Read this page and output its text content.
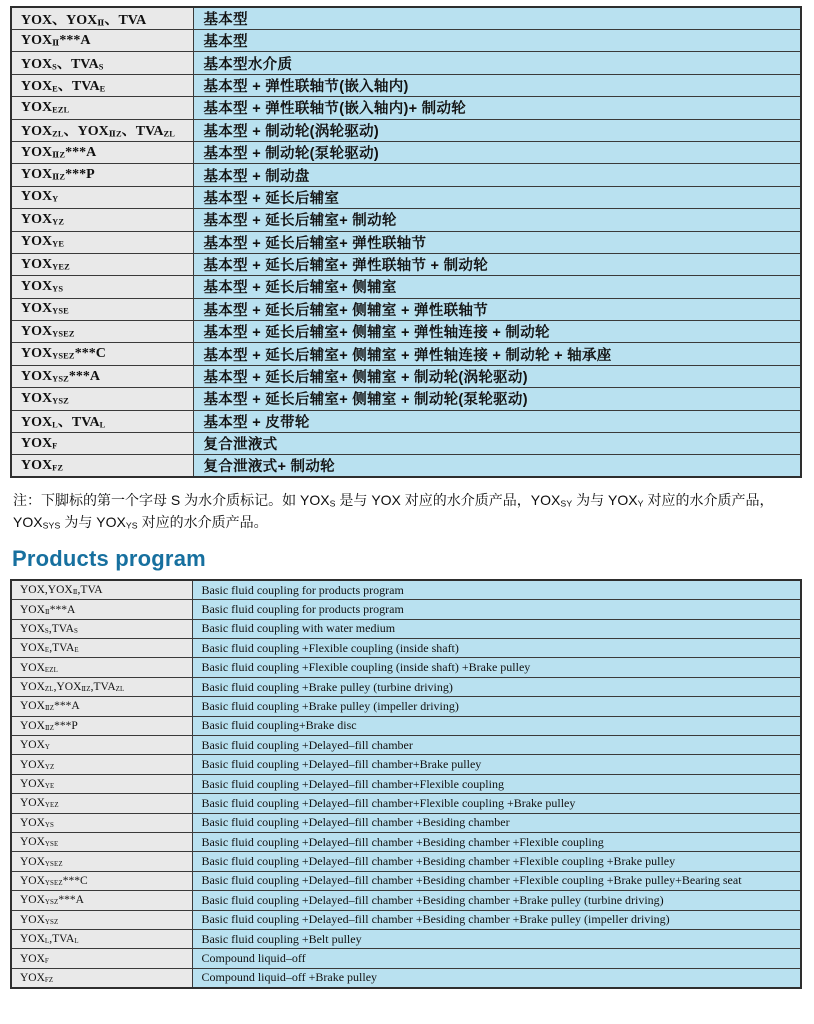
YOX、$YOX_Ⅱ$、TVA	基本型
$YOX_Ⅱ***A$	基本型
$YOX_S$、$TVA_S$	基本型水介质
$YOX_E$、$TVA_E$	基本型 + 弹性联轴节(嵌入轴内)
$YOX_{EZL}$	基本型 + 弹性联轴节(嵌入轴内)+ 制动轮
$YOX_{ZL}$、$YOX_{ⅡZ}$、$TVA_{ZL}$	基本型 + 制动轮(涡轮驱动)
$YOX_{ⅡZ}***A$	基本型 + 制动轮(泵轮驱动)
$YOX_{ⅡZ}***P$	基本型 + 制动盘
$YOX_Y$	基本型 + 延长后辅室
$YOX_{YZ}$	基本型 + 延长后辅室+ 制动轮
$YOX_{YE}$	基本型 + 延长后辅室+ 弹性联轴节
$YOX_{YEZ}$	基本型 + 延长后辅室+ 弹性联轴节 + 制动轮
$YOX_{YS}$	基本型 + 延长后辅室+ 侧辅室
$YOX_{YSE}$	基本型 + 延长后辅室+ 侧辅室 + 弹性联轴节
$YOX_{YSEZ}$	基本型 + 延长后辅室+ 侧辅室 + 弹性轴连接 + 制动轮
$YOX_{YSEZ}***C$	基本型 + 延长后辅室+ 侧辅室 + 弹性轴连接 + 制动轮 + 轴承座
$YOX_{YSZ}***A$	基本型 + 延长后辅室+ 侧辅室 + 制动轮(涡轮驱动)
$YOX_{YSZ}$	基本型 + 延长后辅室+ 侧辅室 + 制动轮(泵轮驱动)
$YOX_L$、$TVA_L$	基本型 + 皮带轮
$YOX_F$	复合泄液式
$YOX_{FZ}$	复合泄液式+ 制动轮

注：下脚标的第一个字母 S 为水介质标记。如 $YOX_S$ 是与 YOX 对应的水介质产品，$YOX_{SY}$ 为与 $YOX_Y$ 对应的水介质产品，$YOX_{SYS}$ 为与 $YOX_{YS}$ 对应的水介质产品。

Products program
$YOX,YOX_Ⅱ,TVA$	Basic fluid coupling for products program
$YOX_Ⅱ***A$	Basic fluid coupling for products program
$YOX_S,TVA_S$	Basic fluid coupling with water medium
$YOX_E,TVA_E$	Basic fluid coupling +Flexible coupling (inside shaft)
$YOX_{EZL}$	Basic fluid coupling +Flexible coupling (inside shaft) +Brake pulley
$YOX_{ZL},YOX_{ⅡZ},TVA_{ZL}$	Basic fluid coupling +Brake pulley (turbine driving)
$YOX_{ⅡZ}***A$	Basic fluid coupling +Brake pulley (impeller driving)
$YOX_{ⅡZ}***P$	Basic fluid coupling+Brake disc
$YOX_Y$	Basic fluid coupling +Delayed–fill chamber
$YOX_{YZ}$	Basic fluid coupling +Delayed–fill chamber+Brake pulley
$YOX_{YE}$	Basic fluid coupling +Delayed–fill chamber+Flexible coupling
$YOX_{YEZ}$	Basic fluid coupling +Delayed–fill chamber+Flexible coupling +Brake pulley
$YOX_{YS}$	Basic fluid coupling +Delayed–fill chamber +Besiding chamber
$YOX_{YSE}$	Basic fluid coupling +Delayed–fill chamber +Besiding chamber +Flexible coupling
$YOX_{YSEZ}$	Basic fluid coupling +Delayed–fill chamber +Besiding chamber +Flexible coupling +Brake pulley
$YOX_{YSEZ}***C$	Basic fluid coupling +Delayed–fill chamber +Besiding chamber +Flexible coupling +Brake pulley+Bearing seat
$YOX_{YSZ}***A$	Basic fluid coupling +Delayed–fill chamber +Besiding chamber +Brake pulley (turbine driving)
$YOX_{YSZ}$	Basic fluid coupling +Delayed–fill chamber +Besiding chamber +Brake pulley (impeller driving)
$YOX_L,TVA_L$	Basic fluid coupling +Belt pulley
$YOX_F$	Compound liquid–off
$YOX_{FZ}$	Compound liquid–off +Brake pulley
